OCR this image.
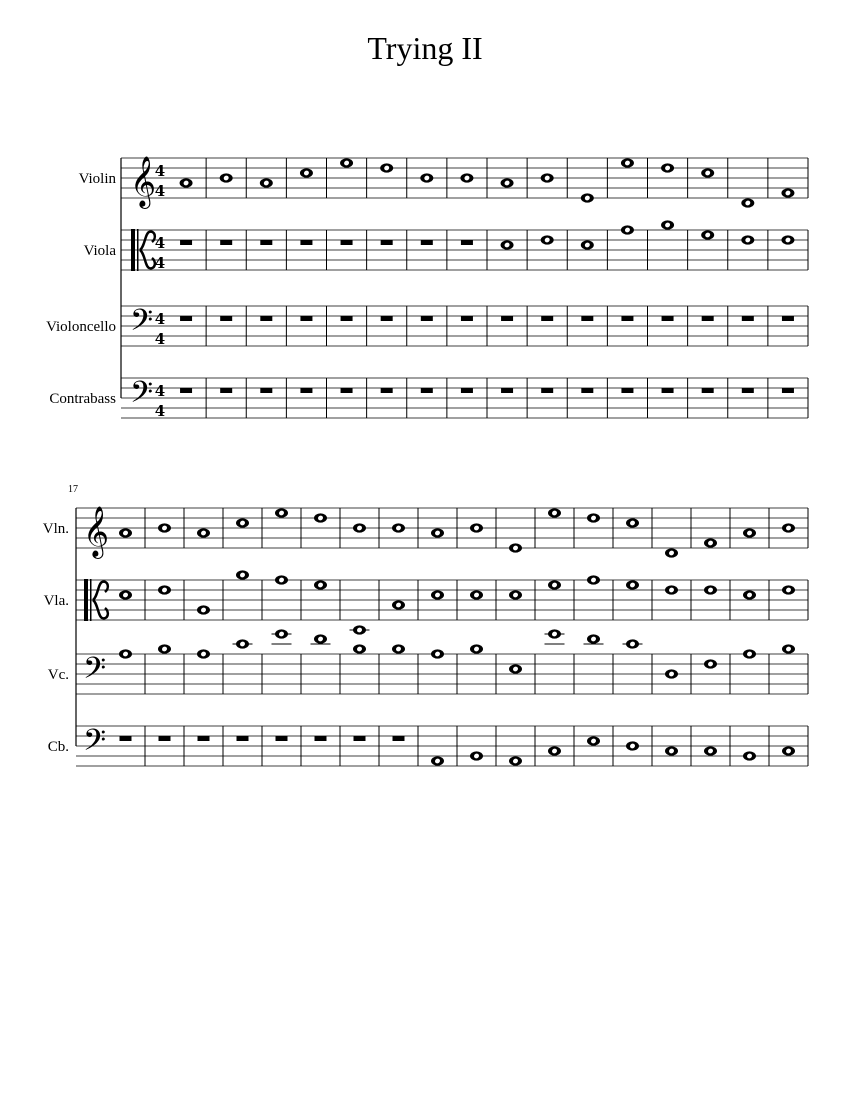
Trying II
Violin 𝄞
4
4
Viola	4
4
Violoncello 𝄢 4
4
Contrabass 𝄢 4
4
17
Vln. 𝄞
Vla.
Vc. 𝄢
Cb. 𝄢
